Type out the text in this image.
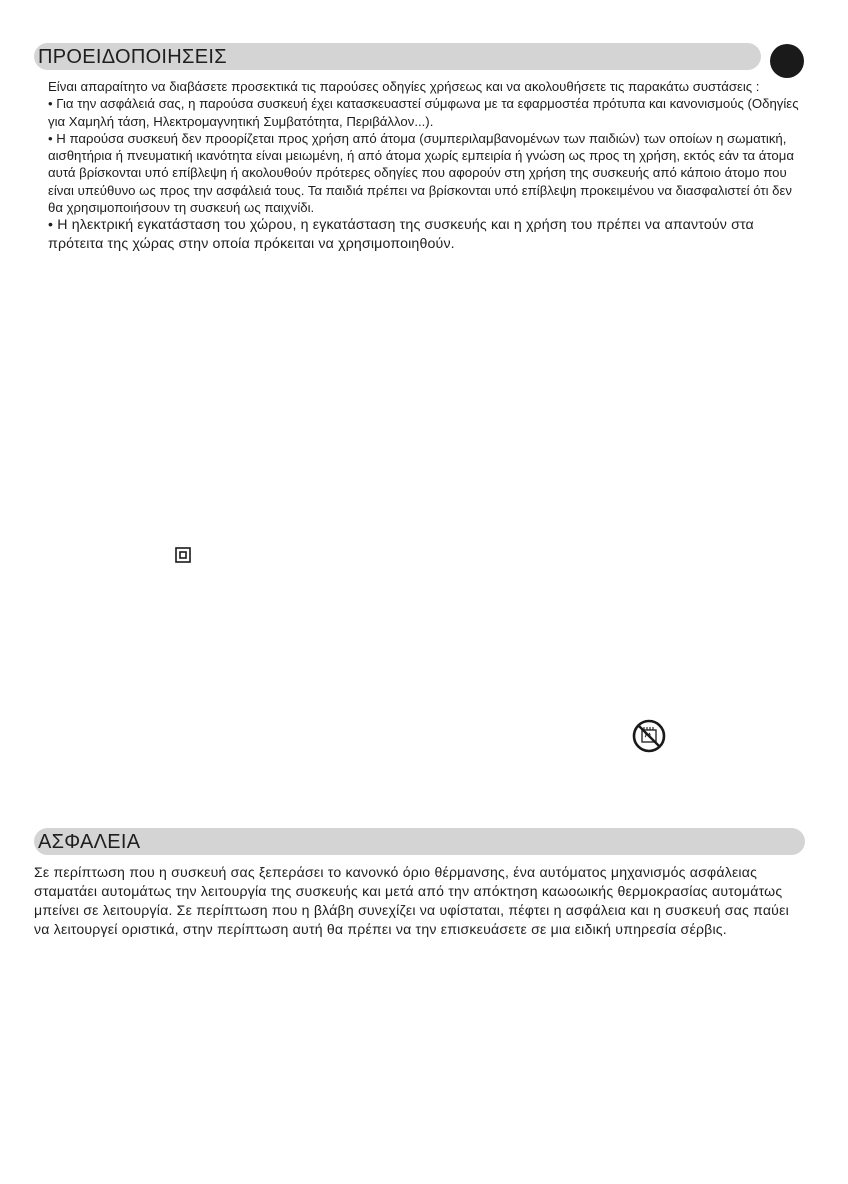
ΠΡΟΕΙΔΟΠΟΙΗΣΕΙΣ

Είναι απαραίτητο να διαβάσετε προσεκτικά τις παρούσες οδηγίες χρήσεως και να ακολουθήσετε τις παρακάτω συστάσεις :

• Για την ασφάλειά σας, η παρούσα συσκευή έχει κατασκευαστεί σύμφωνα με τα εφαρμοστέα πρότυπα και κανονισμούς (Οδηγίες για Χαμηλή τάση, Ηλεκτρομαγνητική Συμβατότητα, Περιβάλλον...).

• Η παρούσα συσκευή δεν προορίζεται προς χρήση από άτομα (συμπεριλαμβανομένων των παιδιών) των οποίων η σωματική, αισθητήρια ή πνευματική ικανότητα είναι μειωμένη, ή από άτομα χωρίς εμπειρία ή γνώση ως προς τη χρήση, εκτός εάν τα άτομα αυτά βρίσκονται υπό επίβλεψη ή ακολουθούν πρότερες οδηγίες που αφορούν στη χρήση της συσκευής από κάποιο άτομο που είναι υπεύθυνο ως προς την ασφάλειά τους. Τα παιδιά πρέπει να βρίσκονται υπό επίβλεψη προκειμένου να διασφαλιστεί ότι δεν θα χρησιμοποιήσουν τη συσκευή ως παιχνίδι.

• Η ηλεκτρική εγκατάσταση του χώρου, η εγκατάσταση της συσκευής και η χρήση του πρέπει να απαντούν στα πρότειτα της χώρας στην οποία πρόκειται να χρησιμοποιηθούν.

ΑΣΦΑΛΕΙΑ

Σε περίπτωση που η συσκευή σας ξεπεράσει το κανονκό όριο θέρμανσης, ένα αυτόματος μηχανισμός ασφάλειας σταματάει αυτομάτως την λειτουργία της συσκευής και μετά από την απόκτηση καωοωικής θερμοκρασίας αυτομάτως μπείνει σε λειτουργία. Σε περίπτωση που η βλάβη συνεχίζει να υφίσταται, πέφτει η ασφάλεια και η συσκευή σας παύει να λειτουργεί οριστικά, στην περίπτωση αυτή θα πρέπει να την επισκευάσετε σε μια ειδική υπηρεσία σέρβις.
